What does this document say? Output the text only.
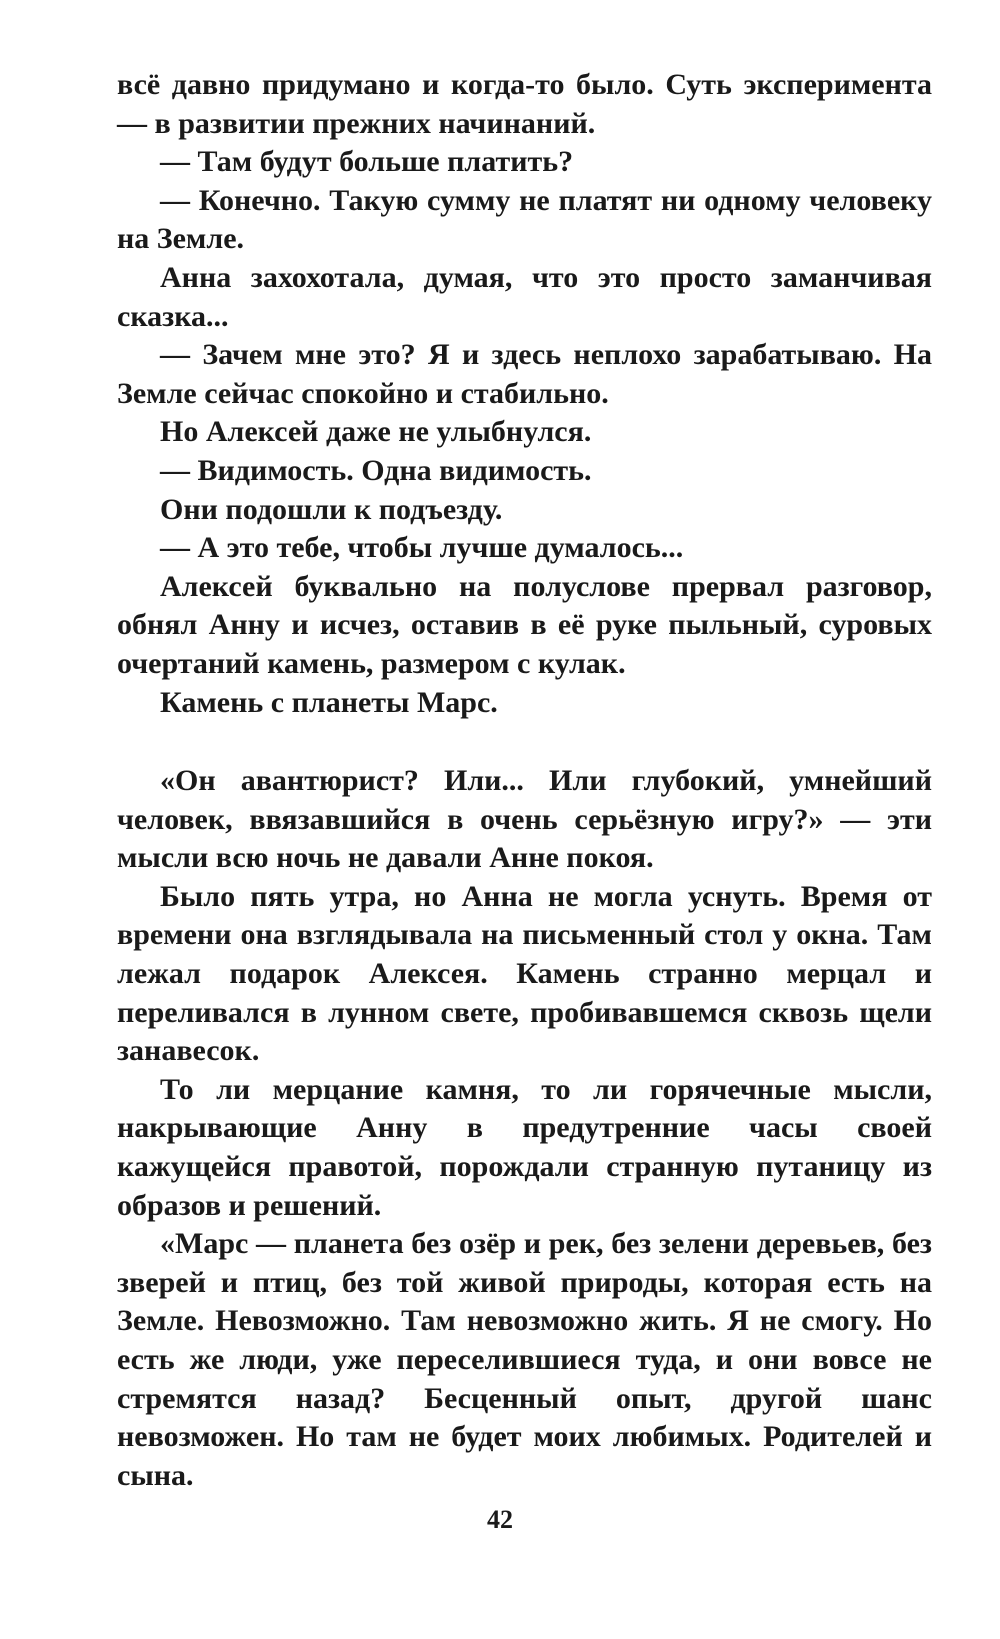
всё давно придумано и когда-то было. Суть эксперимента — в развитии прежних начинаний.

— Там будут больше платить?

— Конечно. Такую сумму не платят ни одному человеку на Земле.

Анна захохотала, думая, что это просто заманчивая сказка...

— Зачем мне это? Я и здесь неплохо зарабатываю. На Земле сейчас спокойно и стабильно.

Но Алексей даже не улыбнулся.

— Видимость. Одна видимость.

Они подошли к подъезду.

— А это тебе, чтобы лучше думалось...

Алексей буквально на полуслове прервал разговор, обнял Анну и исчез, оставив в её руке пыльный, суровых очертаний камень, размером с кулак.

Камень с планеты Марс.

«Он авантюрист? Или... Или глубокий, умнейший человек, ввязавшийся в очень серьёзную игру?» — эти мысли всю ночь не давали Анне покоя.

Было пять утра, но Анна не могла уснуть. Время от времени она взглядывала на письменный стол у окна. Там лежал подарок Алексея. Камень странно мерцал и переливался в лунном свете, пробивавшемся сквозь щели занавесок.

То ли мерцание камня, то ли горячечные мысли, накрывающие Анну в предутренние часы своей кажущейся правотой, порождали странную путаницу из образов и решений.

«Марс — планета без озёр и рек, без зелени деревьев, без зверей и птиц, без той живой природы, которая есть на Земле. Невозможно. Там невозможно жить. Я не смогу. Но есть же люди, уже переселившиеся туда, и они вовсе не стремятся назад? Бесценный опыт, другой шанс невозможен. Но там не будет моих любимых. Родителей и сына.

42
